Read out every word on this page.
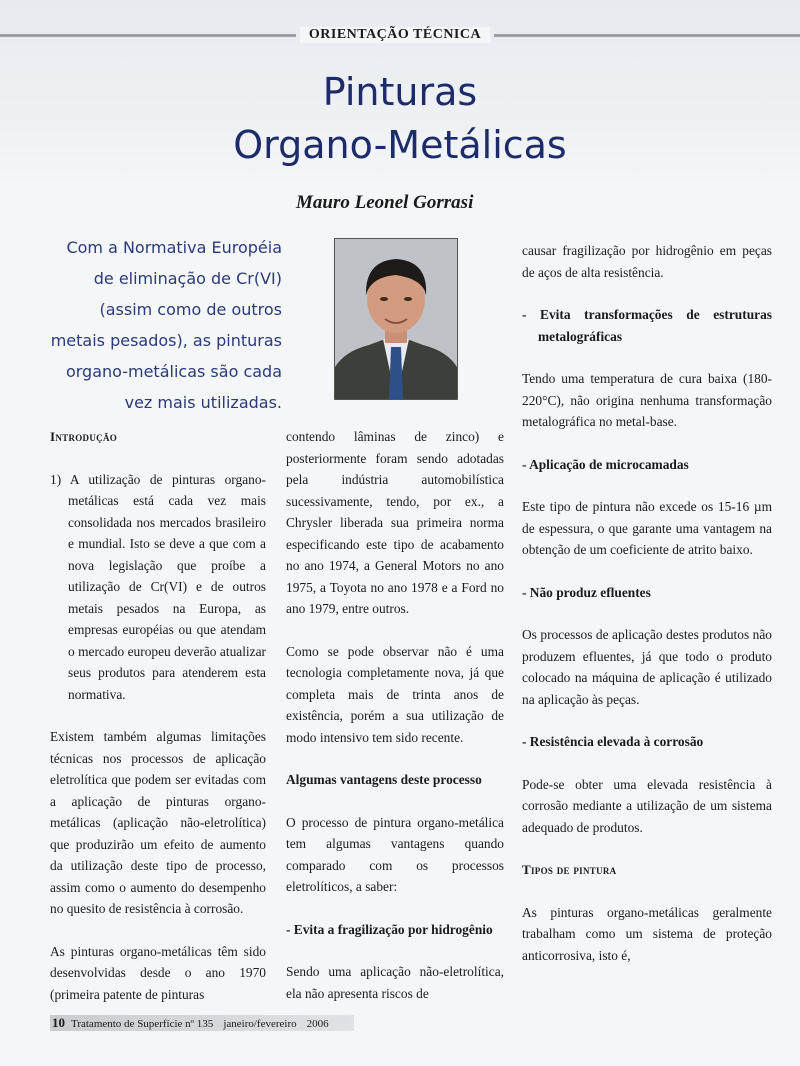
ORIENTAÇÃO TÉCNICA
Pinturas
Organo-Metálicas
Mauro Leonel Gorrasi
Com a Normativa Européia
de eliminação de Cr(VI)
(assim como de outros
metais pesados), as pinturas
organo-metálicas são cada
vez mais utilizadas.

Introdução

1) A utilização de pinturas organo-metálicas está cada vez mais consolidada nos mercados brasileiro e mundial. Isto se deve a que com a nova legislação que proíbe a utilização de Cr(VI) e de outros metais pesados na Europa, as empresas européias ou que atendam o mercado europeu deverão atualizar seus produtos para atenderem esta normativa.

Existem também algumas limitações técnicas nos processos de aplicação eletrolítica que podem ser evitadas com a aplicação de pinturas organo-metálicas (aplicação não-eletrolítica) que produzirão um efeito de aumento da utilização deste tipo de processo, assim como o aumento do desempenho no quesito de resistência à corrosão.

As pinturas organo-metálicas têm sido desenvolvidas desde o ano 1970 (primeira patente de pinturas

contendo lâminas de zinco) e posteriormente foram sendo adotadas pela indústria automobilística sucessivamente, tendo, por ex., a Chrysler liberada sua primeira norma especificando este tipo de acabamento no ano 1974, a General Motors no ano 1975, a Toyota no ano 1978 e a Ford no ano 1979, entre outros.

Como se pode observar não é uma tecnologia completamente nova, já que completa mais de trinta anos de existência, porém a sua utilização de modo intensivo tem sido recente.

Algumas vantagens deste processo

O processo de pintura organo-metálica tem algumas vantagens quando comparado com os processos eletrolíticos, a saber:

- Evita a fragilização por hidrogênio

Sendo uma aplicação não-eletrolítica, ela não apresenta riscos de

causar fragilização por hidrogênio em peças de aços de alta resistência.

- Evita transformações de estruturas metalográficas

Tendo uma temperatura de cura baixa (180-220°C), não origina nenhuma transformação metalográfica no metal-base.

- Aplicação de microcamadas

Este tipo de pintura não excede os 15-16 µm de espessura, o que garante uma vantagem na obtenção de um coeficiente de atrito baixo.

- Não produz efluentes

Os processos de aplicação destes produtos não produzem efluentes, já que todo o produto colocado na máquina de aplicação é utilizado na aplicação às peças.

- Resistência elevada à corrosão

Pode-se obter uma elevada resistência à corrosão mediante a utilização de um sistema adequado de produtos.

Tipos de pintura

As pinturas organo-metálicas geralmente trabalham como um sistema de proteção anticorrosiva, isto é,

10 Tratamento de Superfície nº 135 janeiro/fevereiro 2006
